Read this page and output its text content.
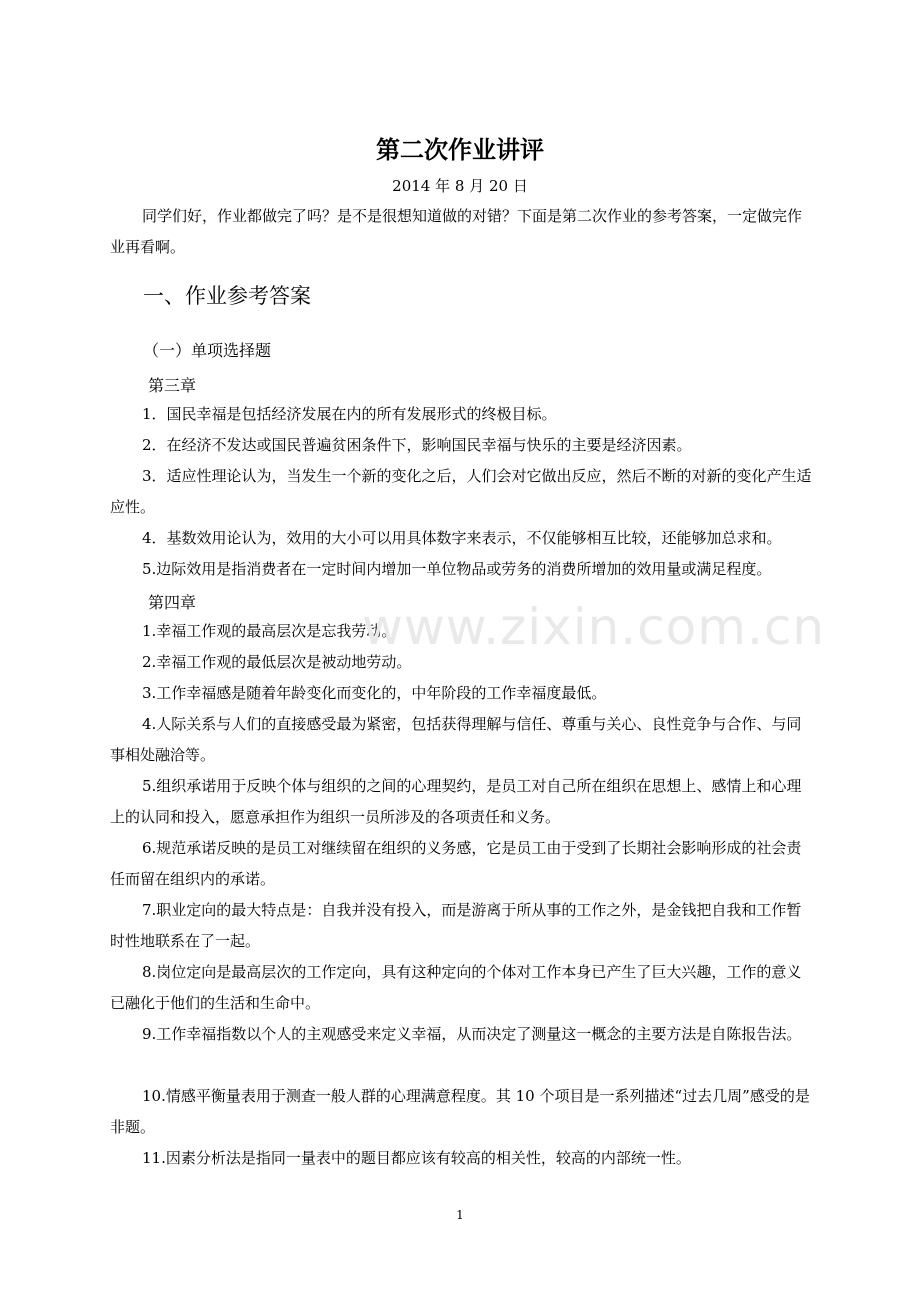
第二次作业讲评
2014 年 8 月 20 日

同学们好，作业都做完了吗？是不是很想知道做的对错？下面是第二次作业的参考答案，一定做完作业再看啊。

一、作业参考答案
（一）单项选择题
第三章

1．国民幸福是包括经济发展在内的所有发展形式的终极目标。

2．在经济不发达或国民普遍贫困条件下，影响国民幸福与快乐的主要是经济因素。

3．适应性理论认为，当发生一个新的变化之后，人们会对它做出反应，然后不断的对新的变化产生适应性。

4．基数效用论认为，效用的大小可以用具体数字来表示，不仅能够相互比较，还能够加总求和。

5.边际效用是指消费者在一定时间内增加一单位物品或劳务的消费所增加的效用量或满足程度。

第四章

1.幸福工作观的最高层次是忘我劳动。

2.幸福工作观的最低层次是被动地劳动。

3.工作幸福感是随着年龄变化而变化的，中年阶段的工作幸福度最低。

4.人际关系与人们的直接感受最为紧密，包括获得理解与信任、尊重与关心、良性竞争与合作、与同事相处融洽等。

5.组织承诺用于反映个体与组织的之间的心理契约，是员工对自己所在组织在思想上、感情上和心理上的认同和投入，愿意承担作为组织一员所涉及的各项责任和义务。

6.规范承诺反映的是员工对继续留在组织的义务感，它是员工由于受到了长期社会影响形成的社会责任而留在组织内的承诺。

7.职业定向的最大特点是：自我并没有投入，而是游离于所从事的工作之外，是金钱把自我和工作暂时性地联系在了一起。

8.岗位定向是最高层次的工作定向，具有这种定向的个体对工作本身已产生了巨大兴趣，工作的意义已融化于他们的生活和生命中。

9.工作幸福指数以个人的主观感受来定义幸福，从而决定了测量这一概念的主要方法是自陈报告法。

10.情感平衡量表用于测查一般人群的心理满意程度。其 10 个项目是一系列描述“过去几周”感受的是非题。

11.因素分析法是指同一量表中的题目都应该有较高的相关性，较高的内部统一性。

www.zixin.com.cn
1
